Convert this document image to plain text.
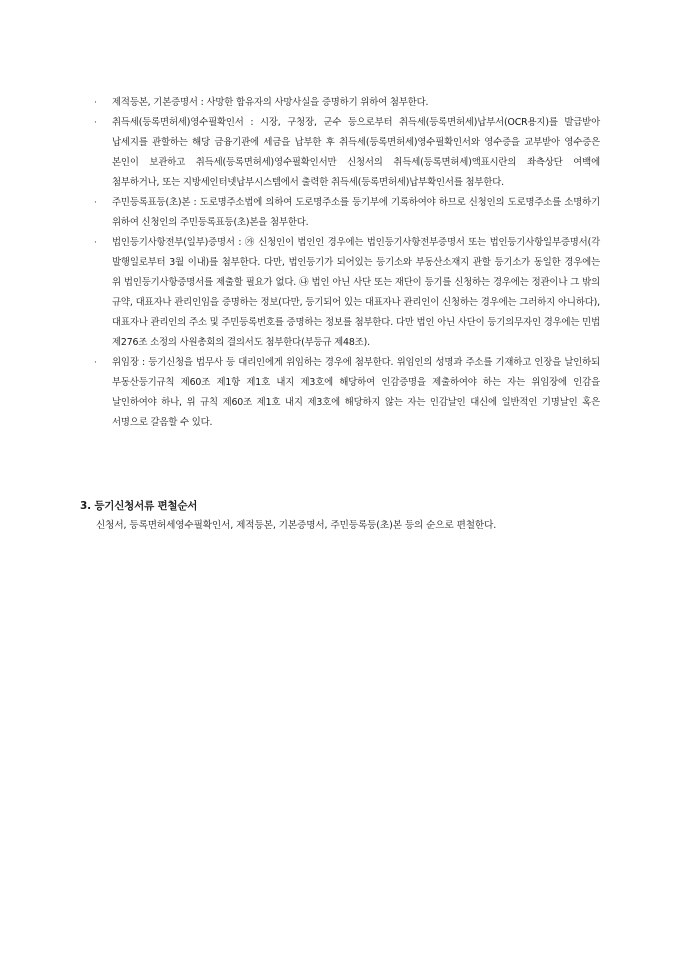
·	제적등본, 기본증명서 : 사망한 합유자의 사망사실을 증명하기 위하여 첨부한다.
·	취득세(등록면허세)영수필확인서 : 시장, 구청장, 군수 등으로부터 취득세(등록면허세)납부서(OCR용지)를 발급받아 납세지를 관할하는 해당 금융기관에 세금을 납부한 후 취득세(등록면허세)영수필확인서와 영수증을 교부받아 영수증은 본인이 보관하고 취득세(등록면허세)영수필확인서만 신청서의 취득세(등록면허세)액표시란의 좌측상단 여백에 첨부하거나, 또는 지방세인터넷납부시스템에서 출력한 취득세(등록면허세)납부확인서를 첨부한다.
·	주민등록표등(초)본 : 도로명주소법에 의하여 도로명주소를 등기부에 기록하여야 하므로 신청인의 도로명주소를 소명하기 위하여 신청인의 주민등록표등(초)본을 첨부한다.
·	법인등기사항전부(일부)증명서 : ㉮ 신청인이 법인인 경우에는 법인등기사항전부증명서 또는 법인등기사항일부증명서(각 발행일로부터 3월 이내)를 첨부한다. 다만, 법인등기가 되어있는 등기소와 부동산소재지 관할 등기소가 동일한 경우에는 위 법인등기사항증명서를 제출할 필요가 없다. ㉯ 법인 아닌 사단 또는 재단이 등기를 신청하는 경우에는 정관이나 그 밖의 규약, 대표자나 관리인임을 증명하는 정보(다만, 등기되어 있는 대표자나 관리인이 신청하는 경우에는 그러하지 아니하다), 대표자나 관리인의 주소 및 주민등록번호를 증명하는 정보를 첨부한다. 다만 법인 아닌 사단이 등기의무자인 경우에는 민법 제276조 소정의 사원총회의 결의서도 첨부한다(부등규 제48조).
·	위임장 : 등기신청을 법무사 등 대리인에게 위임하는 경우에 첨부한다. 위임인의 성명과 주소를 기재하고 인장을 날인하되 부동산등기규칙 제60조 제1항 제1호 내지 제3호에 해당하여 인감증명을 제출하여야 하는 자는 위임장에 인감을 날인하여야 하나, 위 규칙 제60조 제1호 내지 제3호에 해당하지 않는 자는 인감날인 대신에 일반적인 기명날인 혹은 서명으로 갈음할 수 있다.
3. 등기신청서류 편철순서

신청서, 등록면허세영수필확인서, 제적등본, 기본증명서, 주민등록등(초)본 등의 순으로 편철한다.
